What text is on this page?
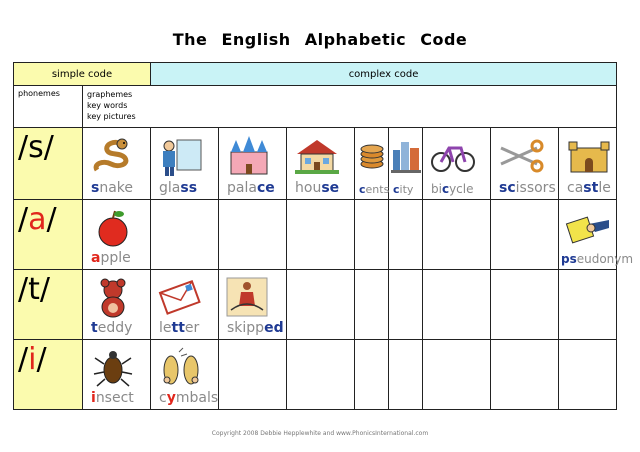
The English Alphabetic Code
simple code		complex code							
phonemes	graphemes
key words
key pictures								

/s/	snake	glass	palace	house	cents	city	bicycle	scissors	castle

/a/	apple								pseudonym

/t/	teddy	letter	skipped						

/i/	insect	cymbals							

Copyright 2008 Debbie Hepplewhite and www.PhonicsInternational.com
